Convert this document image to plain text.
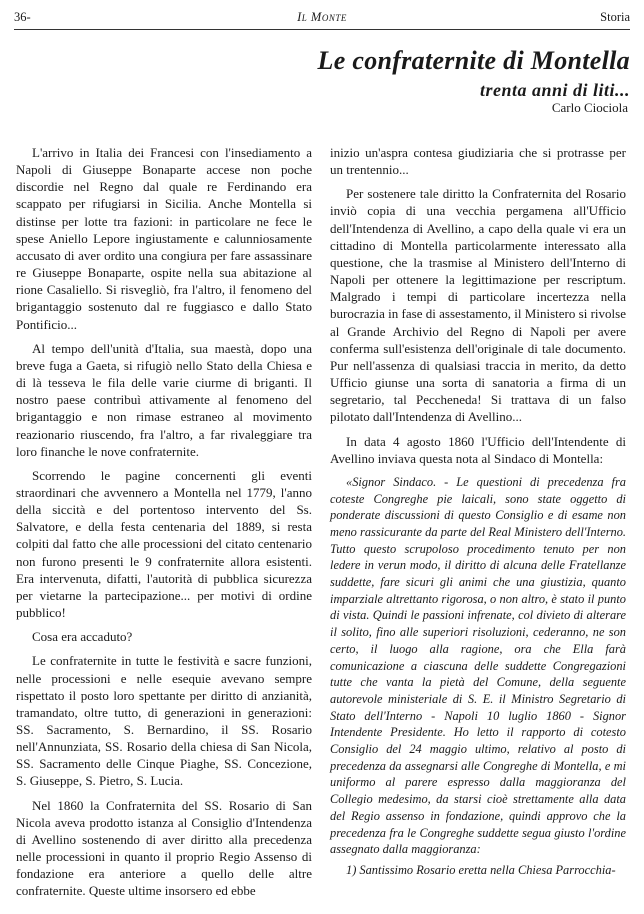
36-	Il Monte	Storia
Le confraternite di Montella
trenta anni di liti...
Carlo Ciociola

L'arrivo in Italia dei Francesi con l'insediamento a Napoli di Giuseppe Bonaparte accese non poche discordie nel Regno dal quale re Ferdinando era scappato per rifugiarsi in Sicilia. Anche Montella si distinse per lotte tra fazioni: in particolare ne fece le spese Aniello Lepore ingiustamente e calunniosamente accusato di aver ordito una congiura per fare assassinare re Giuseppe Bonaparte, ospite nella sua abitazione al rione Casaliello. Si risvegliò, fra l'altro, il fenomeno del brigantaggio sostenuto dal re fuggiasco e dallo Stato Pontificio...

Al tempo dell'unità d'Italia, sua maestà, dopo una breve fuga a Gaeta, si rifugiò nello Stato della Chiesa e di là tesseva le fila delle varie ciurme di briganti. Il nostro paese contribuì attivamente al fenomeno del brigantaggio e non rimase estraneo al movimento reazionario riuscendo, fra l'altro, a far rivaleggiare tra loro finanche le nove confraternite.

Scorrendo le pagine concernenti gli eventi straordinari che avvennero a Montella nel 1779, l'anno della siccità e del portentoso intervento del Ss. Salvatore, e della festa centenaria del 1889, si resta colpiti dal fatto che alle processioni del citato centenario non furono presenti le 9 confraternite allora esistenti. Era intervenuta, difatti, l'autorità di pubblica sicurezza per vietarne la partecipazione... per motivi di ordine pubblico!

Cosa era accaduto?

Le confraternite in tutte le festività e sacre funzioni, nelle processioni e nelle esequie avevano sempre rispettato il posto loro spettante per diritto di anzianità, tramandato, oltre tutto, di generazioni in generazioni: SS. Sacramento, S. Bernardino, il SS. Rosario nell'Annunziata, SS. Rosario della chiesa di San Nicola, SS. Sacramento delle Cinque Piaghe, SS. Concezione, S. Giuseppe, S. Pietro, S. Lucia.

Nel 1860 la Confraternita del SS. Rosario di San Nicola aveva prodotto istanza al Consiglio d'Intendenza di Avellino sostenendo di aver diritto alla precedenza nelle processioni in quanto il proprio Regio Assenso di fondazione era anteriore a quello delle altre confraternite. Queste ultime insorsero ed ebbe

inizio un'aspra contesa giudiziaria che si protrasse per un trentennio...

Per sostenere tale diritto la Confraternita del Rosario inviò copia di una vecchia pergamena all'Ufficio dell'Intendenza di Avellino, a capo della quale vi era un cittadino di Montella particolarmente interessato alla questione, che la trasmise al Ministero dell'Interno di Napoli per ottenere la legittimazione per rescriptum. Malgrado i tempi di particolare incertezza nella burocrazia in fase di assestamento, il Ministero si rivolse al Grande Archivio del Regno di Napoli per avere conferma sull'esistenza dell'originale di tale documento. Pur nell'assenza di qualsiasi traccia in merito, da detto Ufficio giunse una sorta di sanatoria a firma di un segretario, tal Peccheneda! Si trattava di un falso pilotato dall'Intendenza di Avellino...

In data 4 agosto 1860 l'Ufficio dell'Intendente di Avellino inviava questa nota al Sindaco di Montella:

«Signor Sindaco. - Le questioni di precedenza fra coteste Congreghe pie laicali, sono state oggetto di ponderate discussioni di questo Consiglio e di esame non meno rassicurante da parte del Real Ministero dell'Interno. Tutto questo scrupoloso procedimento tenuto per non ledere in verun modo, il diritto di alcuna delle Fratellanze suddette, fare sicuri gli animi che una giustizia, quanto imparziale altrettanto rigorosa, o non altro, è stato il punto di vista. Quindi le passioni infrenate, col divieto di alterare il solito, fino alle superiori risoluzioni, cederanno, ne son certo, il luogo alla ragione, ora che Ella farà comunicazione a ciascuna delle suddette Congregazioni tutte che vanta la pietà del Comune, della seguente autorevole ministeriale di S. E. il Ministro Segretario di Stato dell'Interno - Napoli 10 luglio 1860 - Signor Intendente Presidente. Ho letto il rapporto di cotesto Consiglio del 24 maggio ultimo, relativo al posto di precedenza da assegnarsi alle Congreghe di Montella, e mi uniformo al parere espresso dalla maggioranza del Collegio medesimo, da starsi cioè strettamente alla data del Regio assenso in fondazione, quindi approvo che la precedenza fra le Congreghe suddette segua giusto l'ordine assegnato dalla maggioranza:

1) Santissimo Rosario eretta nella Chiesa Parrocchia-
